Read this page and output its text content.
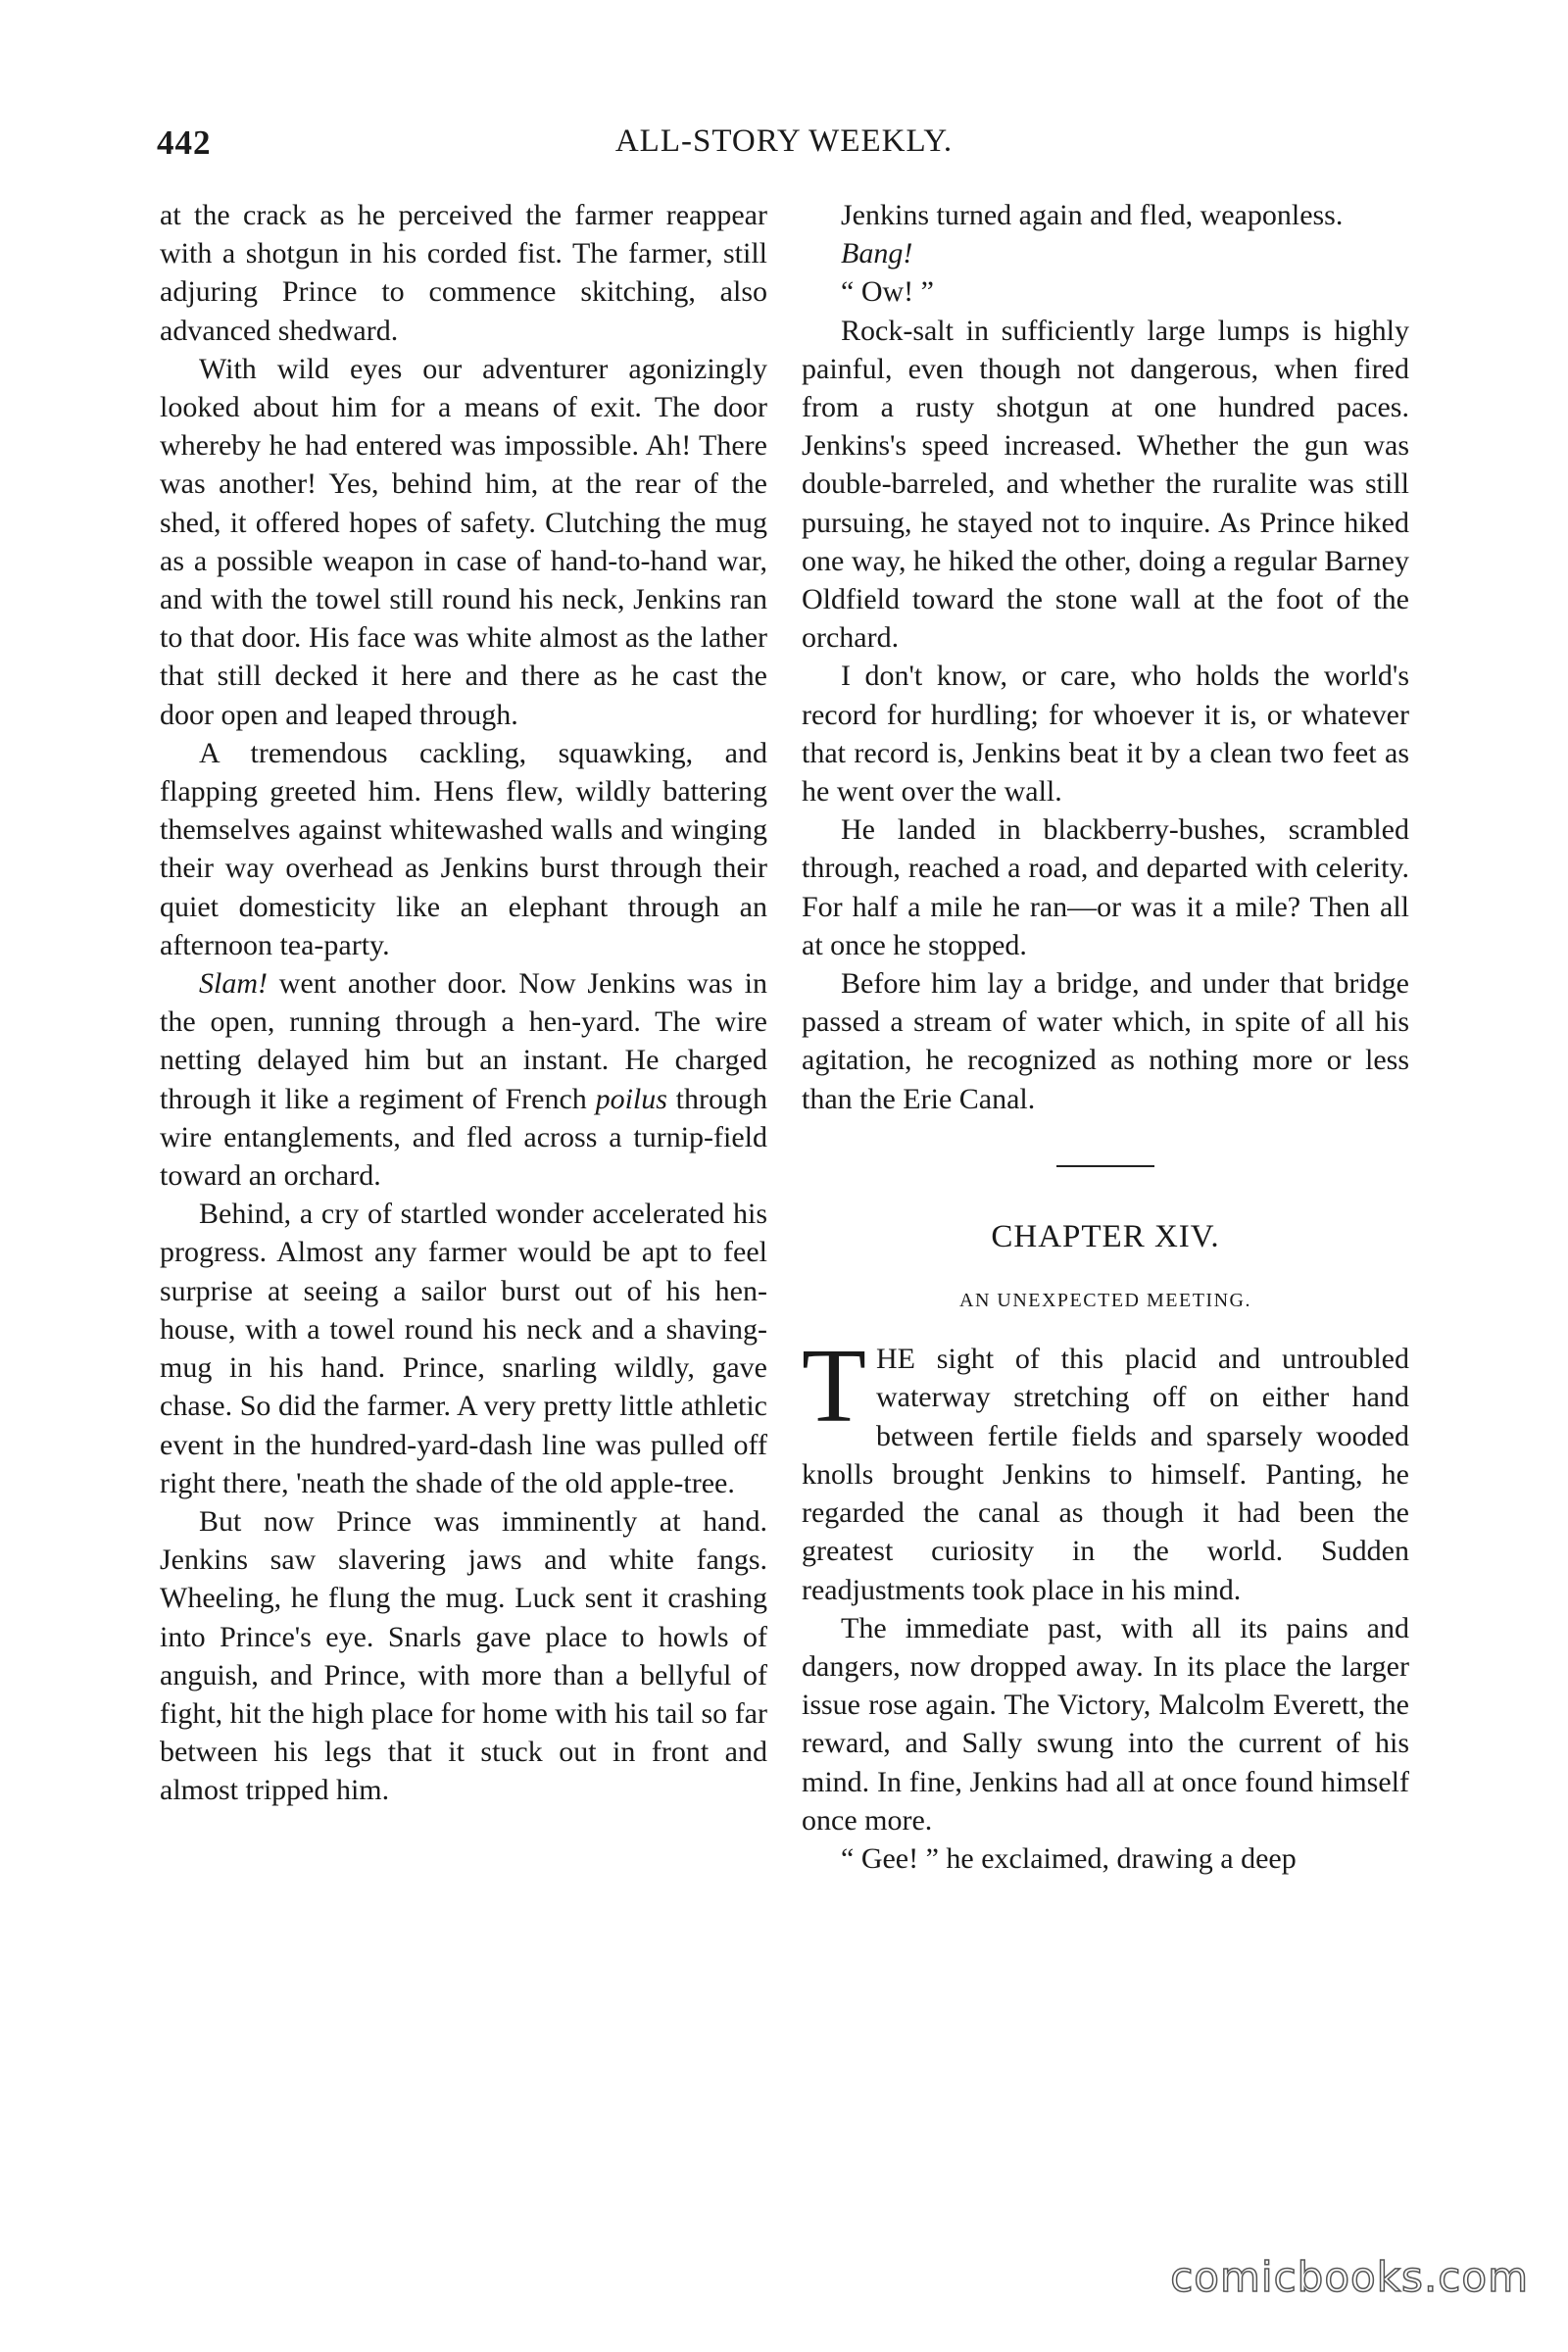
442	ALL-STORY WEEKLY.

at the crack as he perceived the farmer reappear with a shotgun in his corded fist. The farmer, still adjuring Prince to commence skitching, also advanced shedward.

With wild eyes our adventurer agonizingly looked about him for a means of exit. The door whereby he had entered was impossible. Ah! There was another! Yes, behind him, at the rear of the shed, it offered hopes of safety. Clutching the mug as a possible weapon in case of hand-to-hand war, and with the towel still round his neck, Jenkins ran to that door. His face was white almost as the lather that still decked it here and there as he cast the door open and leaped through.

A tremendous cackling, squawking, and flapping greeted him. Hens flew, wildly battering themselves against whitewashed walls and winging their way overhead as Jenkins burst through their quiet domesticity like an elephant through an afternoon tea-party.

Slam! went another door. Now Jenkins was in the open, running through a hen-yard. The wire netting delayed him but an instant. He charged through it like a regiment of French poilus through wire entanglements, and fled across a turnip-field toward an orchard.

Behind, a cry of startled wonder accelerated his progress. Almost any farmer would be apt to feel surprise at seeing a sailor burst out of his hen-house, with a towel round his neck and a shaving-mug in his hand. Prince, snarling wildly, gave chase. So did the farmer. A very pretty little athletic event in the hundred-yard-dash line was pulled off right there, 'neath the shade of the old apple-tree.

But now Prince was imminently at hand. Jenkins saw slavering jaws and white fangs. Wheeling, he flung the mug. Luck sent it crashing into Prince's eye. Snarls gave place to howls of anguish, and Prince, with more than a bellyful of fight, hit the high place for home with his tail so far between his legs that it stuck out in front and almost tripped him.

Jenkins turned again and fled, weaponless.

Bang!

“ Ow! ”

Rock-salt in sufficiently large lumps is highly painful, even though not dangerous, when fired from a rusty shotgun at one hundred paces. Jenkins's speed increased. Whether the gun was double-barreled, and whether the ruralite was still pursuing, he stayed not to inquire. As Prince hiked one way, he hiked the other, doing a regular Barney Oldfield toward the stone wall at the foot of the orchard.

I don't know, or care, who holds the world's record for hurdling; for whoever it is, or whatever that record is, Jenkins beat it by a clean two feet as he went over the wall.

He landed in blackberry-bushes, scrambled through, reached a road, and departed with celerity. For half a mile he ran—or was it a mile? Then all at once he stopped.

Before him lay a bridge, and under that bridge passed a stream of water which, in spite of all his agitation, he recognized as nothing more or less than the Erie Canal.

CHAPTER XIV.
AN UNEXPECTED MEETING.

THE sight of this placid and untroubled waterway stretching off on either hand between fertile fields and sparsely wooded knolls brought Jenkins to himself. Panting, he regarded the canal as though it had been the greatest curiosity in the world. Sudden readjustments took place in his mind.

The immediate past, with all its pains and dangers, now dropped away. In its place the larger issue rose again. The Victory, Malcolm Everett, the reward, and Sally swung into the current of his mind. In fine, Jenkins had all at once found himself once more.

“ Gee! ” he exclaimed, drawing a deep

comicbooks.com
